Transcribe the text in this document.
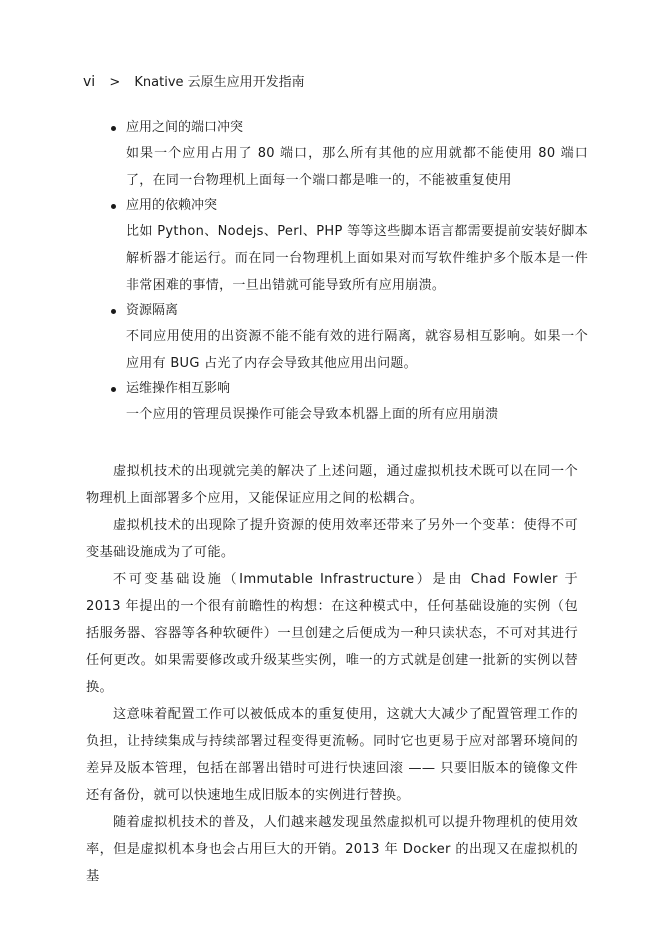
vi > Knative 云原生应用开发指南
应用之间的端口冲突
如果一个应用占用了 80 端口，那么所有其他的应用就都不能使用 80 端口了，在同一台物理机上面每一个端口都是唯一的，不能被重复使用
应用的依赖冲突
比如 Python、Nodejs、Perl、PHP 等等这些脚本语言都需要提前安装好脚本解析器才能运行。而在同一台物理机上面如果对而写软件维护多个版本是一件非常困难的事情，一旦出错就可能导致所有应用崩溃。
资源隔离
不同应用使用的出资源不能不能有效的进行隔离，就容易相互影响。如果一个应用有 BUG 占光了内存会导致其他应用出问题。
运维操作相互影响
一个应用的管理员误操作可能会导致本机器上面的所有应用崩溃

虚拟机技术的出现就完美的解决了上述问题，通过虚拟机技术既可以在同一个物理机上面部署多个应用，又能保证应用之间的松耦合。

虚拟机技术的出现除了提升资源的使用效率还带来了另外一个变革：使得不可变基础设施成为了可能。

不可变基础设施（Immutable Infrastructure）是由 Chad Fowler 于 2013 年提出的一个很有前瞻性的构想：在这种模式中，任何基础设施的实例（包括服务器、容器等各种软硬件）一旦创建之后便成为一种只读状态，不可对其进行任何更改。如果需要修改或升级某些实例，唯一的方式就是创建一批新的实例以替换。

这意味着配置工作可以被低成本的重复使用，这就大大减少了配置管理工作的负担，让持续集成与持续部署过程变得更流畅。同时它也更易于应对部署环境间的差异及版本管理，包括在部署出错时可进行快速回滚 —— 只要旧版本的镜像文件还有备份，就可以快速地生成旧版本的实例进行替换。

随着虚拟机技术的普及，人们越来越发现虽然虚拟机可以提升物理机的使用效率，但是虚拟机本身也会占用巨大的开销。2013 年 Docker 的出现又在虚拟机的基
